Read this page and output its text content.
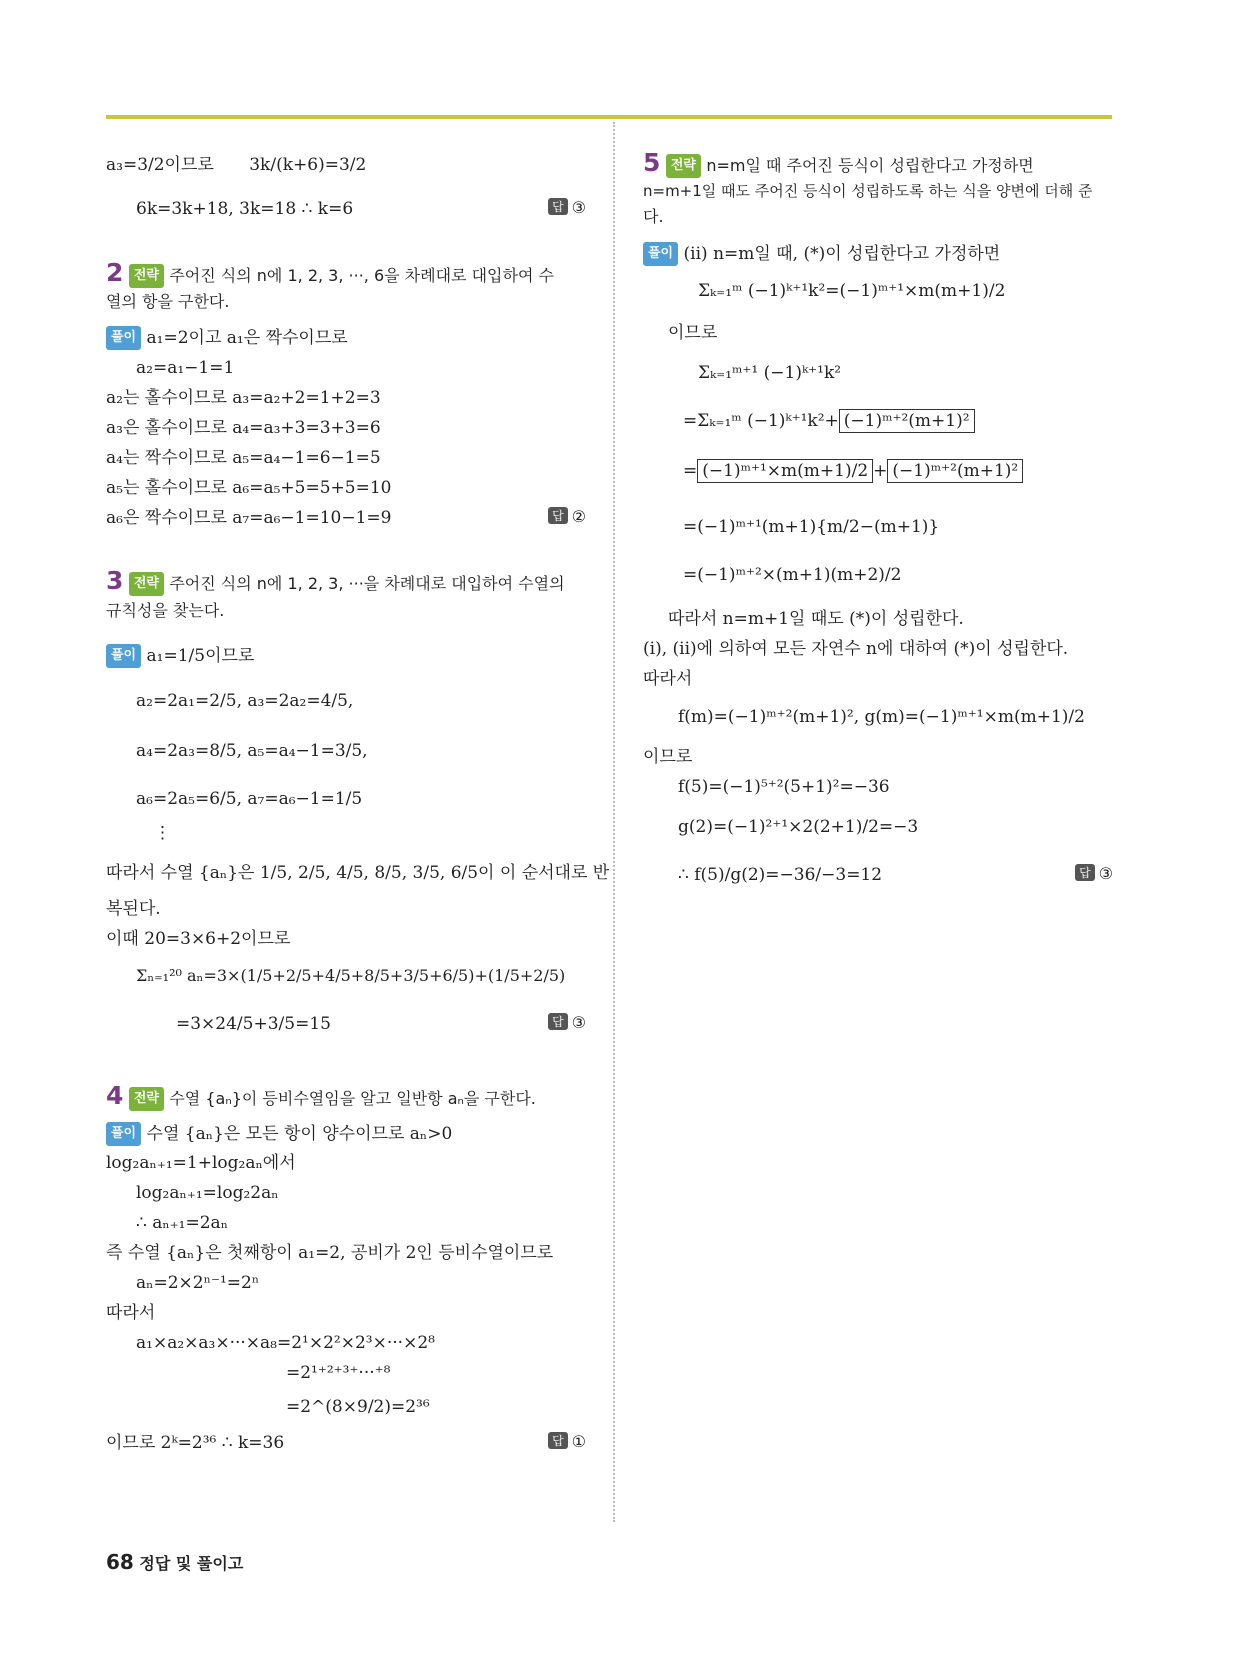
a₃=3/2이므로 3k/(k+6)=3/2
6k=3k+18, 3k=18 ∴ k=6	답 ③
2 전략 주어진 식의 n에 1, 2, 3, ···, 6을 차례대로 대입하여 수
열의 항을 구한다.
풀이 a₁=2이고 a₁은 짝수이므로
a₂=a₁−1=1
a₂는 홀수이므로 a₃=a₂+2=1+2=3
a₃은 홀수이므로 a₄=a₃+3=3+3=6
a₄는 짝수이므로 a₅=a₄−1=6−1=5
a₅는 홀수이므로 a₆=a₅+5=5+5=10
a₆은 짝수이므로 a₇=a₆−1=10−1=9	답 ②
3 전략 주어진 식의 n에 1, 2, 3, ···을 차례대로 대입하여 수열의
규칙성을 찾는다.
풀이 a₁=1/5이므로
a₂=2a₁=2/5, a₃=2a₂=4/5,
a₄=2a₃=8/5, a₅=a₄−1=3/5,
a₆=2a₅=6/5, a₇=a₆−1=1/5
⋮
따라서 수열 {aₙ}은 1/5, 2/5, 4/5, 8/5, 3/5, 6/5이 이 순서대로 반
복된다.
이때 20=3×6+2이므로
Σₙ₌₁²⁰ aₙ=3×(1/5+2/5+4/5+8/5+3/5+6/5)+(1/5+2/5)
=3×24/5+3/5=15	답 ③
4 전략 수열 {aₙ}이 등비수열임을 알고 일반항 aₙ을 구한다.
풀이 수열 {aₙ}은 모든 항이 양수이므로 aₙ>0
log₂aₙ₊₁=1+log₂aₙ에서
log₂aₙ₊₁=log₂2aₙ
∴ aₙ₊₁=2aₙ
즉 수열 {aₙ}은 첫째항이 a₁=2, 공비가 2인 등비수열이므로
aₙ=2×2ⁿ⁻¹=2ⁿ
따라서
a₁×a₂×a₃×···×a₈=2¹×2²×2³×···×2⁸
=2¹⁺²⁺³⁺···⁺⁸
=2^(8×9/2)=2³⁶
이므로 2ᵏ=2³⁶ ∴ k=36	답 ①
5 전략 n=m일 때 주어진 등식이 성립한다고 가정하면
n=m+1일 때도 주어진 등식이 성립하도록 하는 식을 양변에 더해 준
다.
풀이 (ii) n=m일 때, (*)이 성립한다고 가정하면
Σₖ₌₁ᵐ (−1)ᵏ⁺¹k²=(−1)ᵐ⁺¹×m(m+1)/2
이므로
Σₖ₌₁ᵐ⁺¹ (−1)ᵏ⁺¹k²
=Σₖ₌₁ᵐ (−1)ᵏ⁺¹k²+ (−1)ᵐ⁺²(m+1)²
= (−1)ᵐ⁺¹×m(m+1)/2 + (−1)ᵐ⁺²(m+1)²
=(−1)ᵐ⁺¹(m+1){m/2−(m+1)}
=(−1)ᵐ⁺²×(m+1)(m+2)/2
따라서 n=m+1일 때도 (*)이 성립한다.
(i), (ii)에 의하여 모든 자연수 n에 대하여 (*)이 성립한다.
따라서
f(m)=(−1)ᵐ⁺²(m+1)², g(m)=(−1)ᵐ⁺¹×m(m+1)/2
이므로
f(5)=(−1)⁵⁺²(5+1)²=−36
g(2)=(−1)²⁺¹×2(2+1)/2=−3
∴ f(5)/g(2)=−36/−3=12	답 ③
68 정답 및 풀이고
